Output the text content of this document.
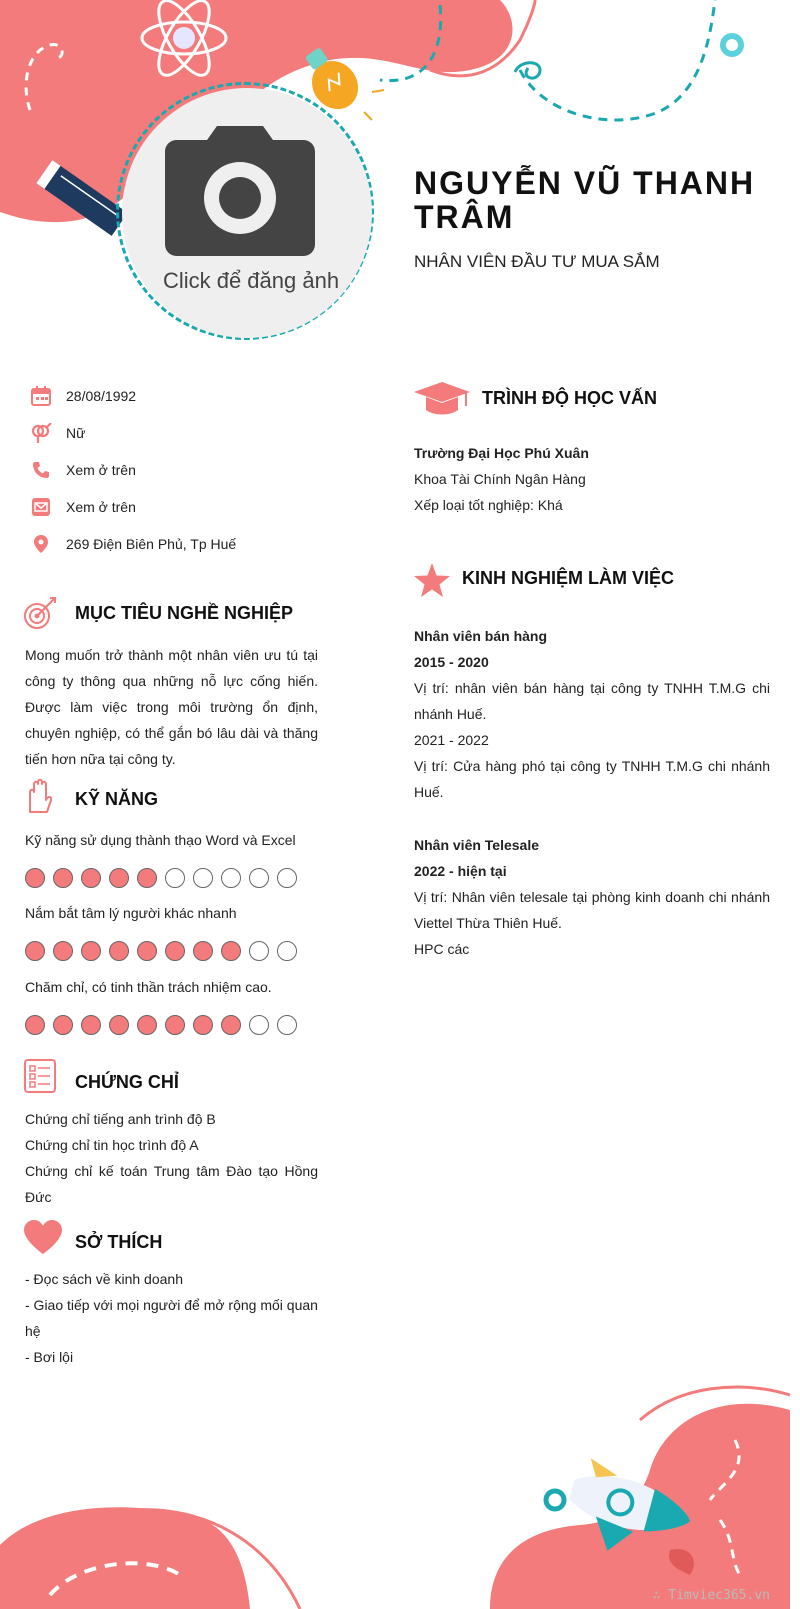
Click để đăng ảnh
NGUYỄN VŨ THANH TRÂM
NHÂN VIÊN ĐẦU TƯ MUA SẮM
28/08/1992
Nữ
Xem ở trên
Xem ở trên
269 Điện Biên Phủ, Tp Huế
MỤC TIÊU NGHỀ NGHIỆP
Mong muốn trở thành một nhân viên ưu tú tại công ty thông qua những nỗ lực cống hiến. Được làm việc trong môi trường ổn định, chuyên nghiệp, có thể gắn bó lâu dài và thăng tiến hơn nữa tại công ty.
KỸ NĂNG
Kỹ năng sử dụng thành thạo Word và Excel
Nắm bắt tâm lý người khác nhanh
Chăm chỉ, có tinh thần trách nhiệm cao.
CHỨNG CHỈ
Chứng chỉ tiếng anh trình độ B
Chứng chỉ tin học trình độ A
Chứng chỉ kế toán Trung tâm Đào tạo Hồng Đức
SỞ THÍCH
- Đọc sách về kinh doanh
- Giao tiếp với mọi người để mở rộng mối quan hệ
- Bơi lội
TRÌNH ĐỘ HỌC VẤN
Trường Đại Học Phú Xuân
Khoa Tài Chính Ngân Hàng
Xếp loại tốt nghiệp: Khá
KINH NGHIỆM LÀM VIỆC
Nhân viên bán hàng
2015 - 2020
Vị trí: nhân viên bán hàng tại công ty TNHH T.M.G chi nhánh Huế.
2021 - 2022
Vị trí: Cửa hàng phó tại công ty TNHH T.M.G chi nhánh Huế.
Nhân viên Telesale
2022 - hiện tại
Vị trí: Nhân viên telesale tại phòng kinh doanh chi nhánh Viettel Thừa Thiên Huế.
HPC các
∴ Timviec365.vn
